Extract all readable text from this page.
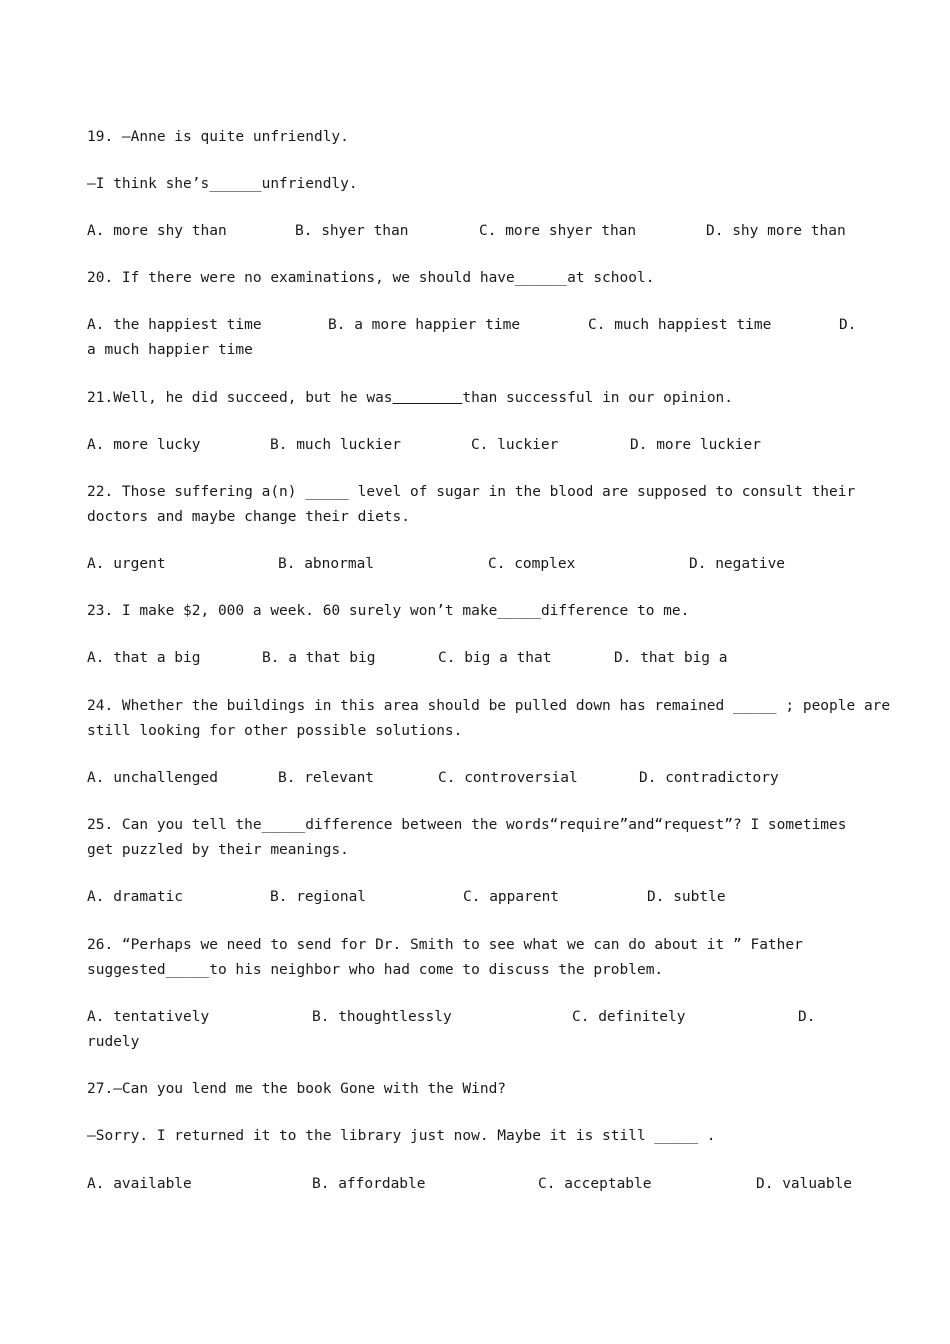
19. —Anne is quite unfriendly.
—I think she’s______unfriendly.
A. more shy than	B. shyer than	C. more shyer than	D. shy more than
20. If there were no examinations, we should have______at school.
A. the happiest time	B. a more happier time	C. much happiest time	D.
a much happier time
21.Well, he did succeed, but he was	than successful in our opinion.
A. more lucky	B. much luckier	C. luckier	D. more luckier
22. Those suffering a(n) _____ level of sugar in the blood are supposed to consult their
doctors and maybe change their diets.
A. urgent	B. abnormal	C. complex	D. negative
23. I make $2, 000 a week. 60 surely won’t make_____difference to me.
A. that a big	B. a that big	C. big a that	D. that big a
24. Whether the buildings in this area should be pulled down has remained _____ ; people are
still looking for other possible solutions.
A. unchallenged	B. relevant	C. controversial	D. contradictory
25. Can you tell the_____difference between the words“require”and“request”? I sometimes
get puzzled by their meanings.
A. dramatic	B. regional	C. apparent	D. subtle
26. “Perhaps we need to send for Dr. Smith to see what we can do about it ” Father
suggested_____to his neighbor who had come to discuss the problem.
A. tentatively	B. thoughtlessly	C. definitely	D.
rudely
27.—Can you lend me the book Gone with the Wind?
—Sorry. I returned it to the library just now. Maybe it is still _____ .
A. available	B. affordable	C. acceptable	D. valuable
